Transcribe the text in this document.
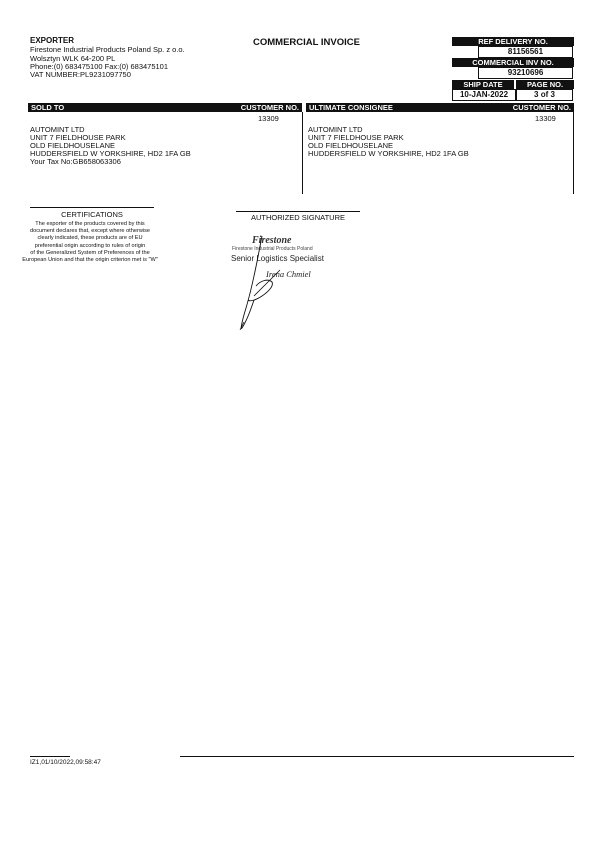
EXPORTER
Firestone Industrial Products Poland Sp. z o.o.
Wolsztyn WLK 64-200 PL
Phone:(0) 683475100 Fax:(0) 683475101
VAT NUMBER:PL9231097750
COMMERCIAL INVOICE	REF DELIVERY NO.
81156561
COMMERCIAL INV NO.
93210696
SHIP DATE	PAGE NO.
10-JAN-2022	3 of 3
SOLD TO	CUSTOMER NO.
13309
AUTOMINT LTD
UNIT 7 FIELDHOUSE PARK
OLD FIELDHOUSELANE
HUDDERSFIELD W YORKSHIRE, HD2 1FA GB
Your Tax No:GB658063306
ULTIMATE CONSIGNEE	CUSTOMER NO.
13309
AUTOMINT LTD
UNIT 7 FIELDHOUSE PARK
OLD FIELDHOUSELANE
HUDDERSFIELD W YORKSHIRE, HD2 1FA GB
CERTIFICATIONS
The exporter of the products covered by this
document declares that, except where otherwise
clearly indicated, these products are of EU
preferential origin according to rules of origin
of the Generalized System of Preferences of the
European Union and that the origin criterion met is "W"
AUTHORIZED SIGNATURE
Firestone
Firestone Industrial Products Poland
Senior Logistics Specialist
Irena Chmiel
IZ1,01/10/2022,09:58:47
